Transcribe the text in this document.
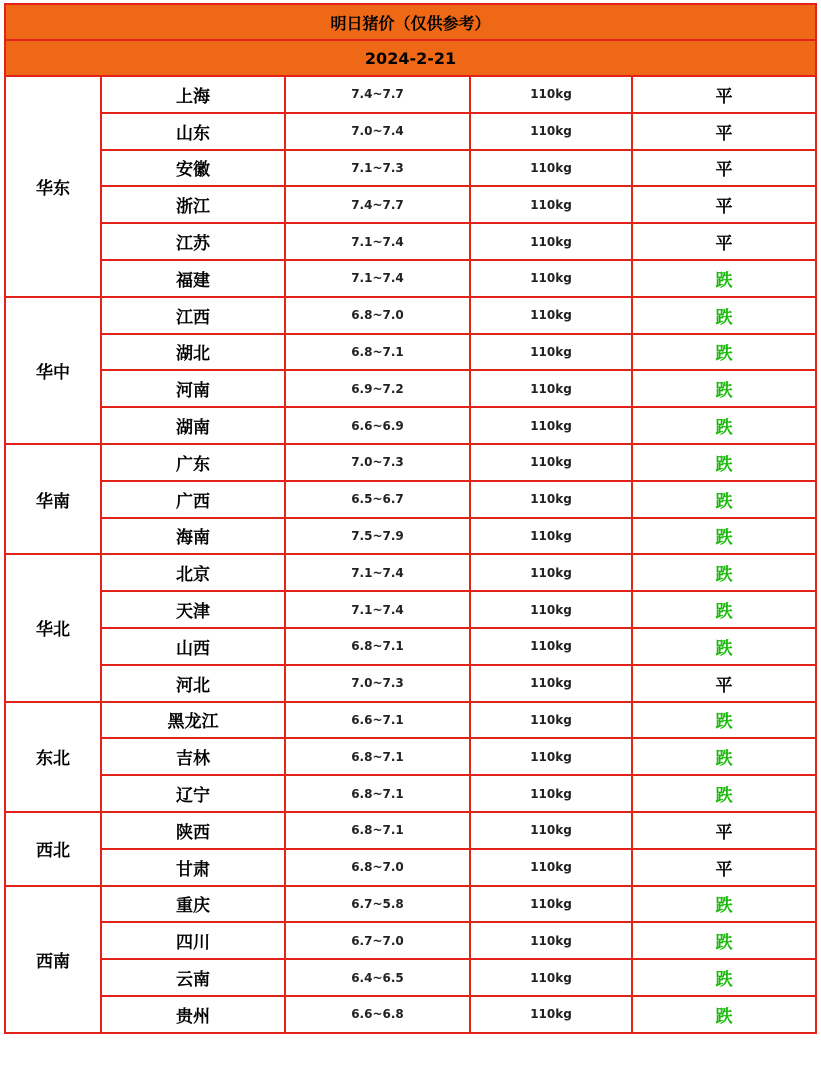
明日猪价（仅供参考）				
2024-2-21				
华东	上海	7.4~7.7	110kg	平
	山东	7.0~7.4	110kg	平
	安徽	7.1~7.3	110kg	平
	浙江	7.4~7.7	110kg	平
	江苏	7.1~7.4	110kg	平
	福建	7.1~7.4	110kg	跌
华中	江西	6.8~7.0	110kg	跌
	湖北	6.8~7.1	110kg	跌
	河南	6.9~7.2	110kg	跌
	湖南	6.6~6.9	110kg	跌
华南	广东	7.0~7.3	110kg	跌
	广西	6.5~6.7	110kg	跌
	海南	7.5~7.9	110kg	跌
华北	北京	7.1~7.4	110kg	跌
	天津	7.1~7.4	110kg	跌
	山西	6.8~7.1	110kg	跌
	河北	7.0~7.3	110kg	平
东北	黑龙江	6.6~7.1	110kg	跌
	吉林	6.8~7.1	110kg	跌
	辽宁	6.8~7.1	110kg	跌
西北	陕西	6.8~7.1	110kg	平
	甘肃	6.8~7.0	110kg	平
西南	重庆	6.7~5.8	110kg	跌
	四川	6.7~7.0	110kg	跌
	云南	6.4~6.5	110kg	跌
	贵州	6.6~6.8	110kg	跌
